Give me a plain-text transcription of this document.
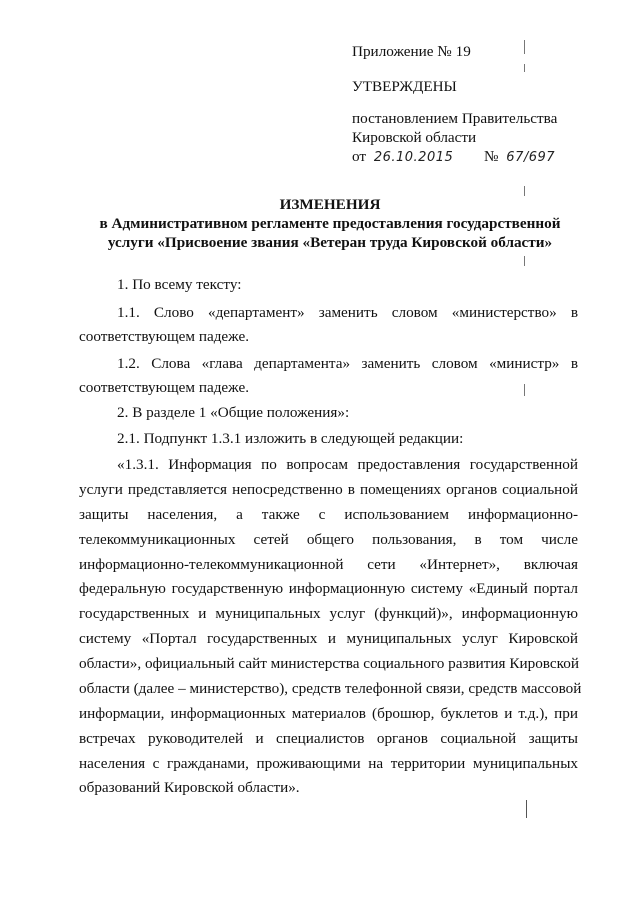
Приложение № 19
УТВЕРЖДЕНЫ
постановлением Правительства
Кировской области
от 26.10.2015 № 67/697
ИЗМЕНЕНИЯ
в Административном регламенте предоставления государственной
услуги «Присвоение звания «Ветеран труда Кировской области»
1. По всему тексту:
1.1. Слово «департамент» заменить словом «министерство» в
соответствующем падеже.
1.2. Слова «глава департамента» заменить словом «министр» в
соответствующем падеже.
2. В разделе 1 «Общие положения»:
2.1. Подпункт 1.3.1 изложить в следующей редакции:
«1.3.1. Информация по вопросам предоставления государственной
услуги представляется непосредственно в помещениях органов социальной
защиты населения, а также с использованием информационно-
телекоммуникационных сетей общего пользования, в том числе
информационно-телекоммуникационной сети «Интернет», включая
федеральную государственную информационную систему «Единый портал
государственных и муниципальных услуг (функций)», информационную
систему «Портал государственных и муниципальных услуг Кировской
области», официальный сайт министерства социального развития Кировской
области (далее – министерство), средств телефонной связи, средств массовой
информации, информационных материалов (брошюр, буклетов и т.д.), при
встречах руководителей и специалистов органов социальной защиты
населения с гражданами, проживающими на территории муниципальных
образований Кировской области».
